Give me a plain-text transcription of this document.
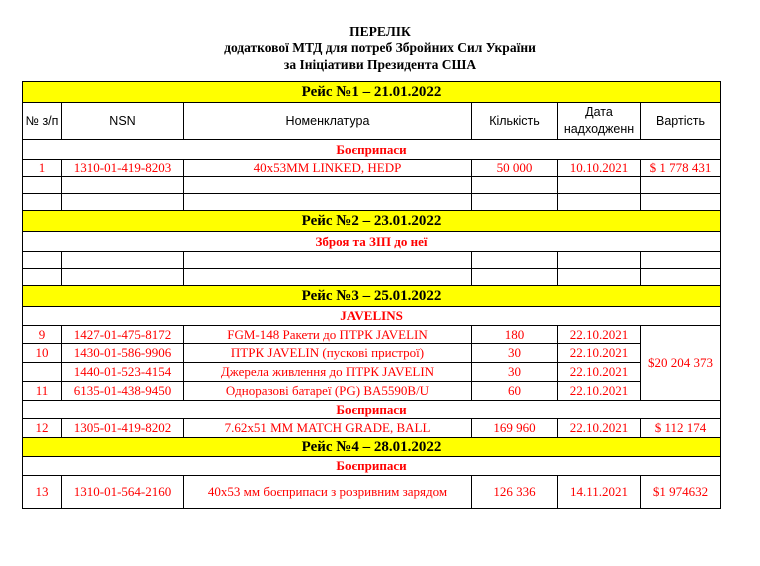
ПЕРЕЛІК
додаткової МТД для потреб Збройних Сил України
за Ініціативи Президента США
Рейс №1 – 21.01.2022					
№ з/п	NSN	Номенклатура	Кількість	Дата надходженн	Вартість
Боєприпаси					
1	1310-01-419-8203	40х53ММ LINKED, HEDP	50 000	10.10.2021	$ 1 778 431

Рейс №2 – 23.01.2022					
Зброя та ЗІП до неї					

Рейс №3 – 25.01.2022					
JAVELINS					
9	1427-01-475-8172	FGM-148 Ракети до ПТРК JAVELIN	180	22.10.2021	$20 204 373
10	1430-01-586-9906	ПТРК JAVELIN (пускові пристрої)	30	22.10.2021	
	1440-01-523-4154	Джерела живлення до ПТРК JAVELIN	30	22.10.2021	
11	6135-01-438-9450	Одноразові батареї (PG) BA5590B/U	60	22.10.2021	
Боєприпаси					
12	1305-01-419-8202	7.62х51 ММ MATCH GRADE, BALL	169 960	22.10.2021	$ 112 174
Рейс №4 – 28.01.2022					
Боєприпаси					
13	1310-01-564-2160	40х53 мм боєприпаси з розривним зарядом	126 336	14.11.2021	$1 974632
